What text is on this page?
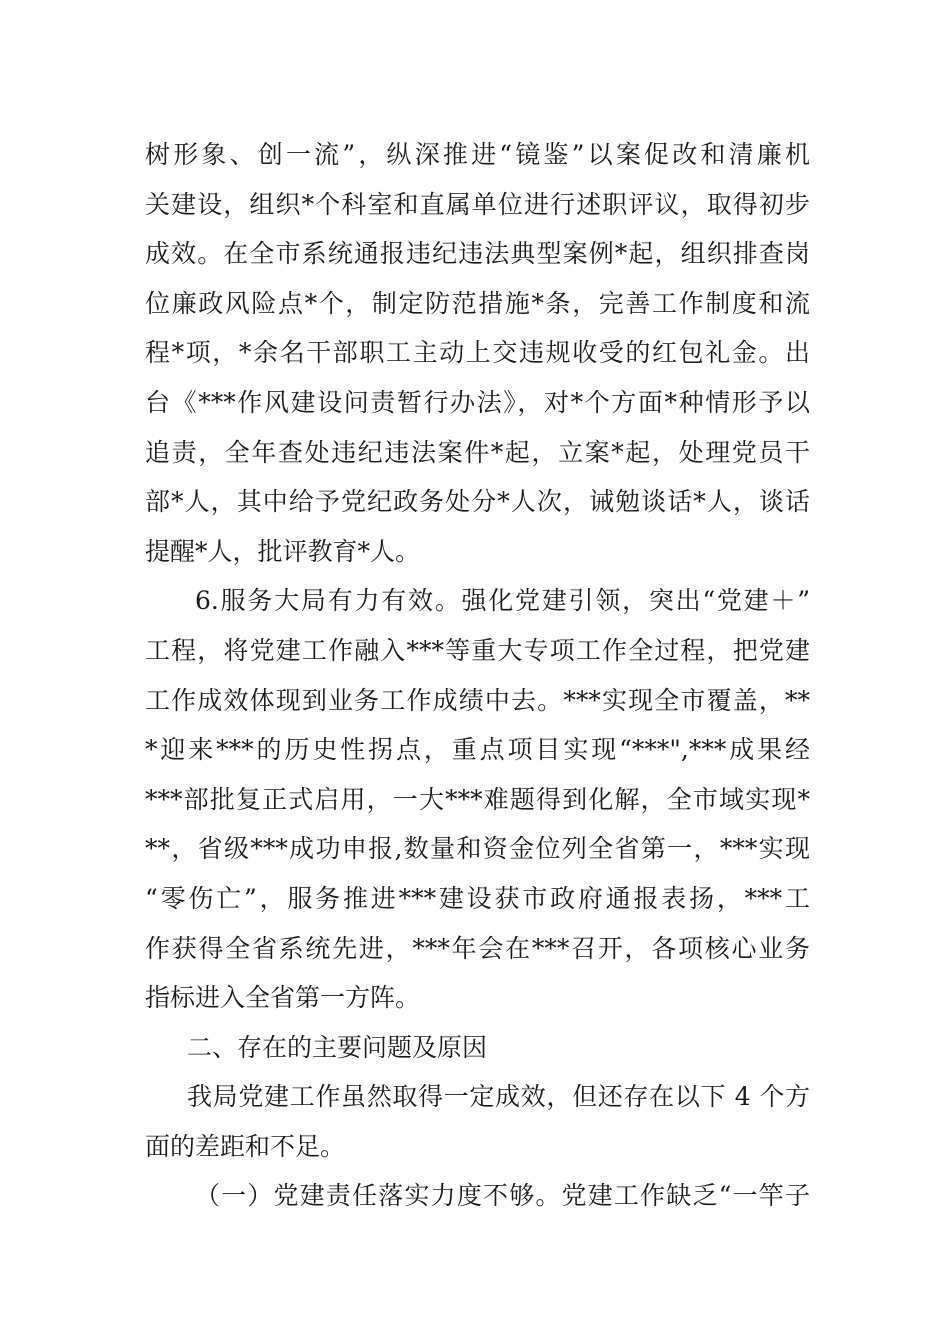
树形象、创一流”，纵深推进“镜鉴”以案促改和清廉机
关建设，组织*个科室和直属单位进行述职评议，取得初步
成效。在全市系统通报违纪违法典型案例*起，组织排查岗
位廉政风险点*个，制定防范措施*条，完善工作制度和流
程*项，*余名干部职工主动上交违规收受的红包礼金。出
台《***作风建设问责暂行办法》，对*个方面*种情形予以
追责，全年查处违纪违法案件*起，立案*起，处理党员干
部*人，其中给予党纪政务处分*人次，诫勉谈话*人，谈话
提醒*人，批评教育*人。
6.服务大局有力有效。强化党建引领，突出“党建＋”
工程，将党建工作融入***等重大专项工作全过程，把党建
工作成效体现到业务工作成绩中去。***实现全市覆盖，**
*迎来***的历史性拐点，重点项目实现“***",***成果经
***部批复正式启用，一大***难题得到化解，全市域实现*
**，省级***成功申报,数量和资金位列全省第一，***实现
“零伤亡”，服务推进***建设获市政府通报表扬，***工
作获得全省系统先进，***年会在***召开，各项核心业务
指标进入全省第一方阵。
二、存在的主要问题及原因
我局党建工作虽然取得一定成效，但还存在以下 4 个方
面的差距和不足。
（一）党建责任落实力度不够。党建工作缺乏“一竿子
